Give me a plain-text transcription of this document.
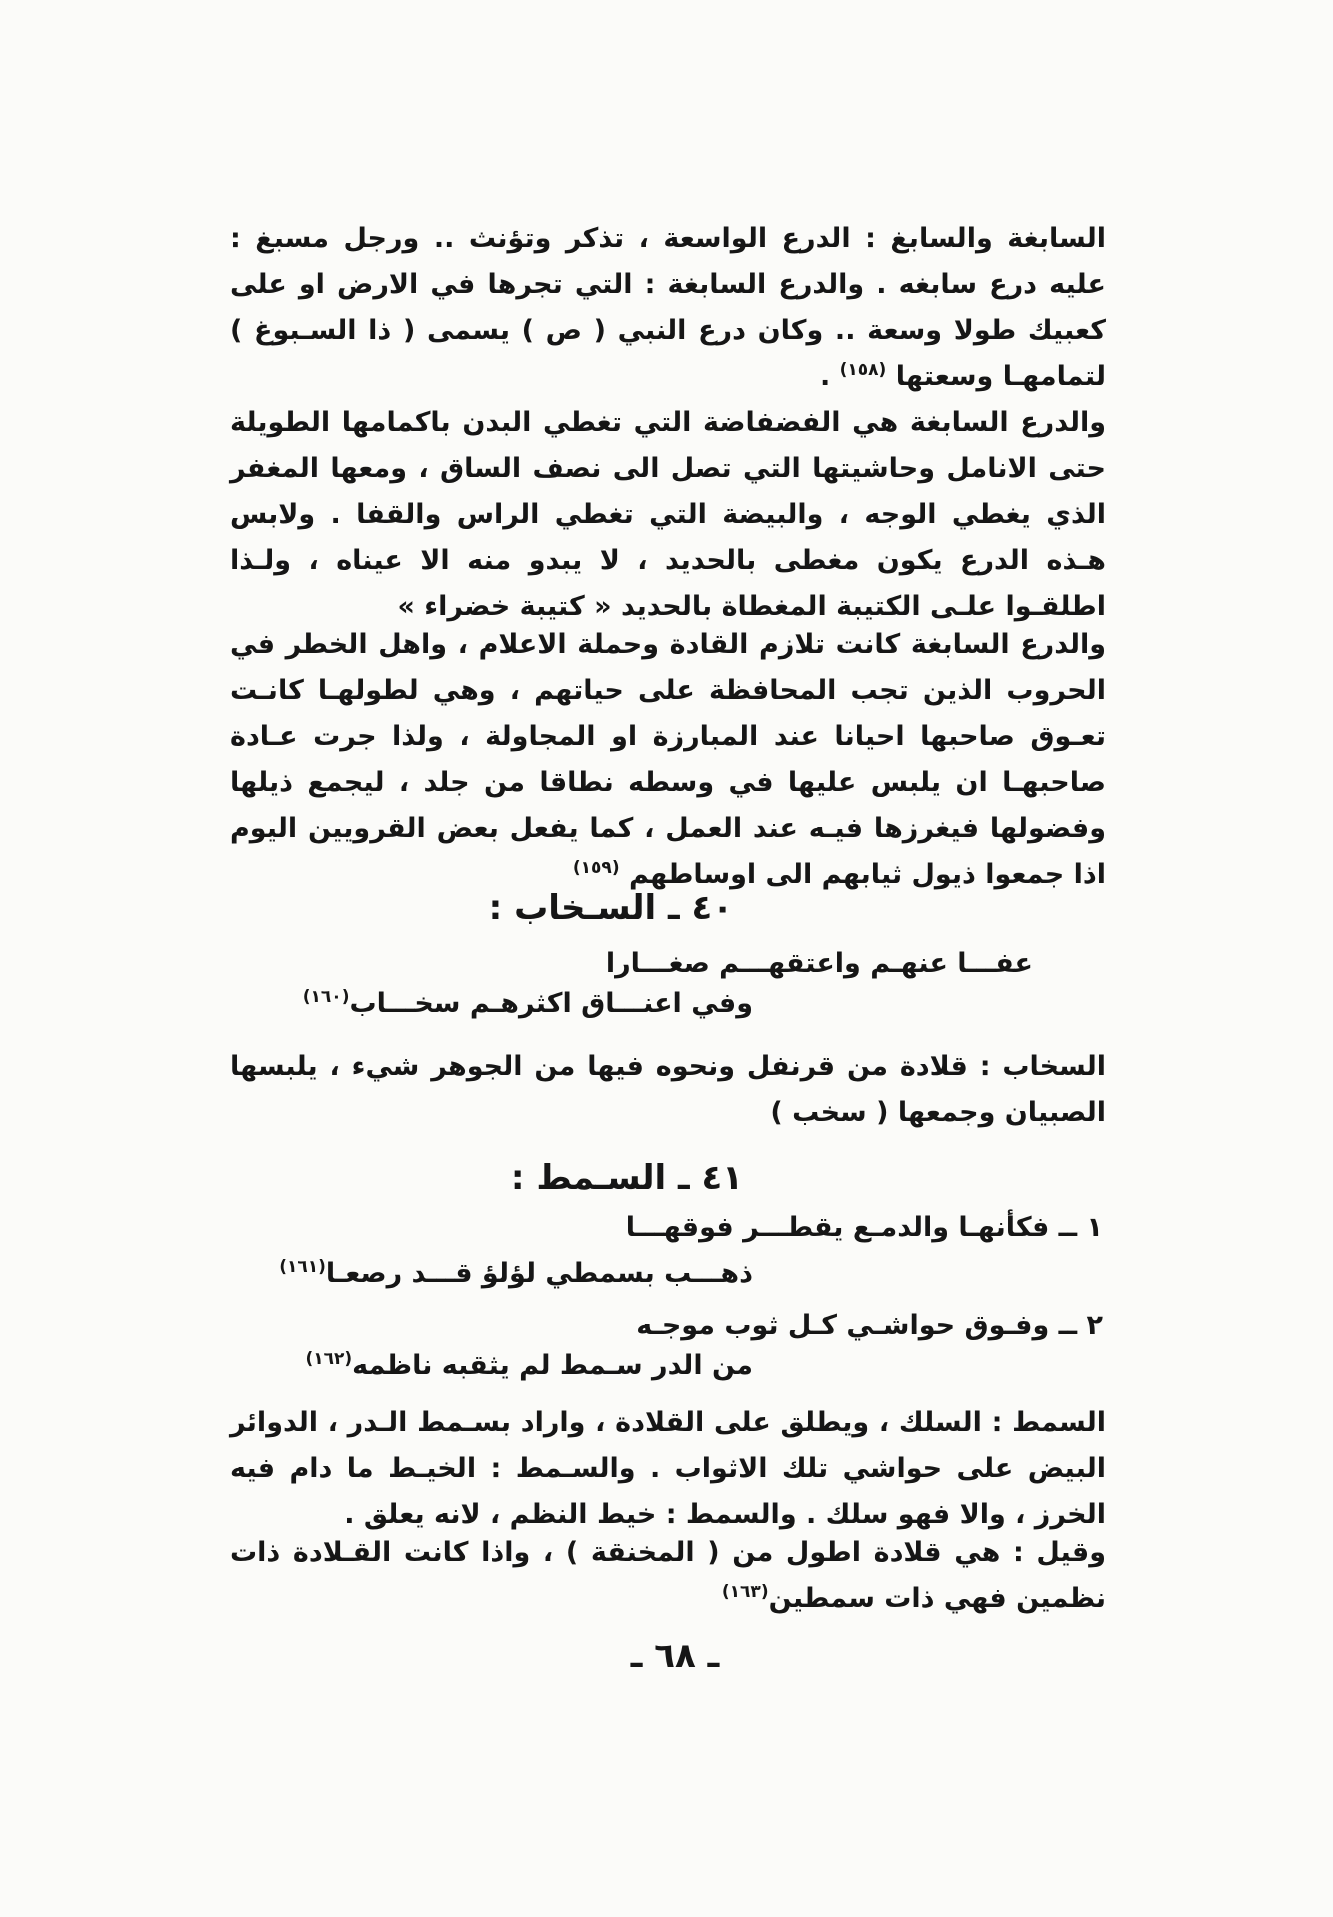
السابغة والسابغ : الدرع الواسعة ، تذكر وتؤنث .. ورجل مسبغ : عليه درع سابغه . والدرع السابغة : التي تجرها في الارض او على كعبيك طولا وسعة .. وكان درع النبي ( ص ) يسمى ( ذا السـبوغ ) لتمامهـا وسعتها $^{(١٥٨)}$ .

والدرع السابغة هي الفضفاضة التي تغطي البدن باكمامها الطويلة حتى الانامل وحاشيتها التي تصل الى نصف الساق ، ومعها المغفر الذي يغطي الوجه ، والبيضة التي تغطي الراس والقفا . ولابس هـذه الدرع يكون مغطى بالحديد ، لا يبدو منه الا عيناه ، ولـذا اطلقـوا علـى الكتيبة المغطاة بالحديد « كتيبة خضراء »

والدرع السابغة كانت تلازم القادة وحملة الاعلام ، واهل الخطر في الحروب الذين تجب المحافظة على حياتهم ، وهي لطولهـا كانـت تعـوق صاحبها احيانا عند المبارزة او المجاولة ، ولذا جرت عـادة صاحبهـا ان يلبس عليها في وسطه نطاقا من جلد ، ليجمع ذيلها وفضولها فيغرزها فيـه عند العمل ، كما يفعل بعض القرويين اليوم اذا جمعوا ذيول ثيابهم الى اوساطهم $^{(١٥٩)}$

٤٠ ـ السـخاب :
عفـــا عنهـم واعتقهـــم صغـــارا
وفي اعنـــاق اكثرهـم سخـــاب$^{(١٦٠)}$

السخاب : قلادة من قرنفل ونحوه فيها من الجوهر شيء ، يلبسها الصبيان وجمعها ( سخب )

٤١ ـ السـمط :
١ ــ فكأنهـا والدمـع يقطـــر فوقهـــا
ذهـــب بسمطي لؤلؤ قـــد رصعـا$^{(١٦١)}$
٢ ــ وفـوق حواشـي كـل ثوب موجـه
من الدر سـمط لم يثقبه ناظمه$^{(١٦٢)}$

السمط : السلك ، ويطلق على القلادة ، واراد بسـمط الـدر ، الدوائر البيض على حواشي تلك الاثواب . والسـمط : الخيـط ما دام فيه الخرز ، والا فهو سلك . والسمط : خيط النظم ، لانه يعلق .

وقيل : هي قلادة اطول من ( المخنقة ) ، واذا كانت القـلادة ذات نظمين فهي ذات سمطين$^{(١٦٣)}$

ـ ٦٨ ـ
